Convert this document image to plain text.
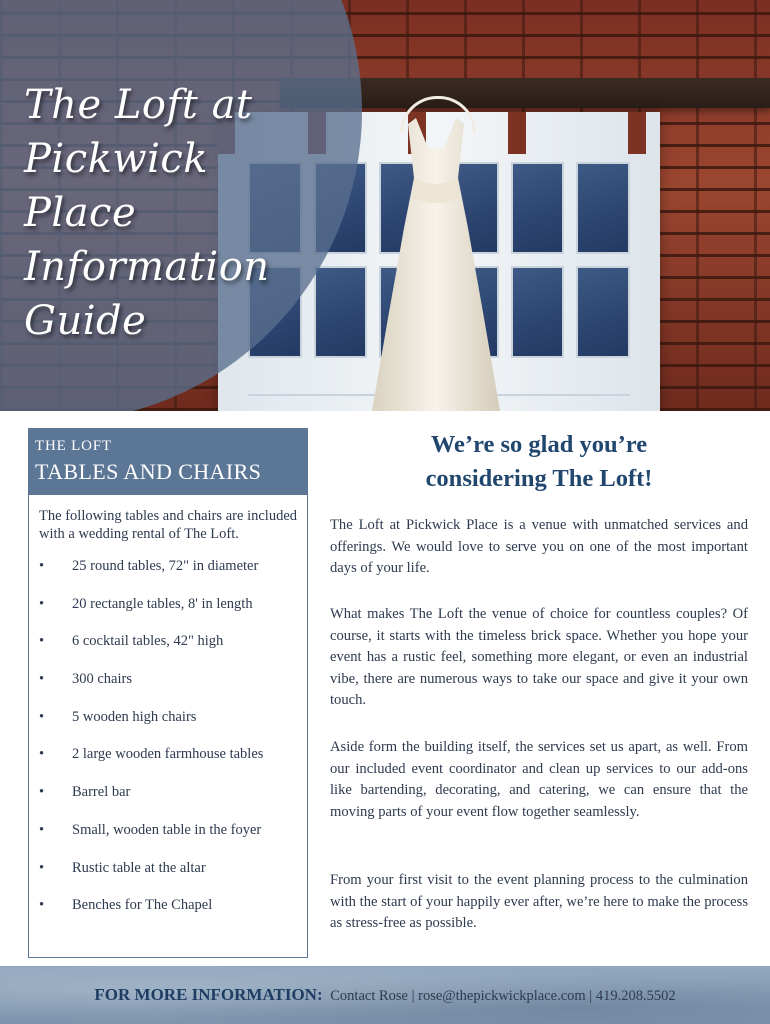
The Loft at Pickwick Place Information Guide
THE LOFT
TABLES AND CHAIRS

The following tables and chairs are included with a wedding rental of The Loft.

• 25 round tables, 72" in diameter
• 20 rectangle tables, 8' in length
• 6 cocktail tables, 42" high
• 300 chairs
• 5 wooden high chairs
• 2 large wooden farmhouse tables
• Barrel bar
• Small, wooden table in the foyer
• Rustic table at the altar
• Benches for The Chapel
We’re so glad you’re
considering The Loft!

The Loft at Pickwick Place is a venue with unmatched services and offerings. We would love to serve you on one of the most important days of your life.

What makes The Loft the venue of choice for countless couples? Of course, it starts with the timeless brick space. Whether you hope your event has a rustic feel, something more elegant, or even an industrial vibe, there are numerous ways to take our space and give it your own touch.

Aside form the building itself, the services set us apart, as well. From our included event coordinator and clean up services to our add-ons like bartending, decorating, and catering, we can ensure that the moving parts of your event flow together seamlessly.

From your first visit to the event planning process to the culmination with the start of your happily ever after, we’re here to make the process as stress-free as possible.

FOR MORE INFORMATION: Contact Rose | rose@thepickwickplace.com | 419.208.5502
